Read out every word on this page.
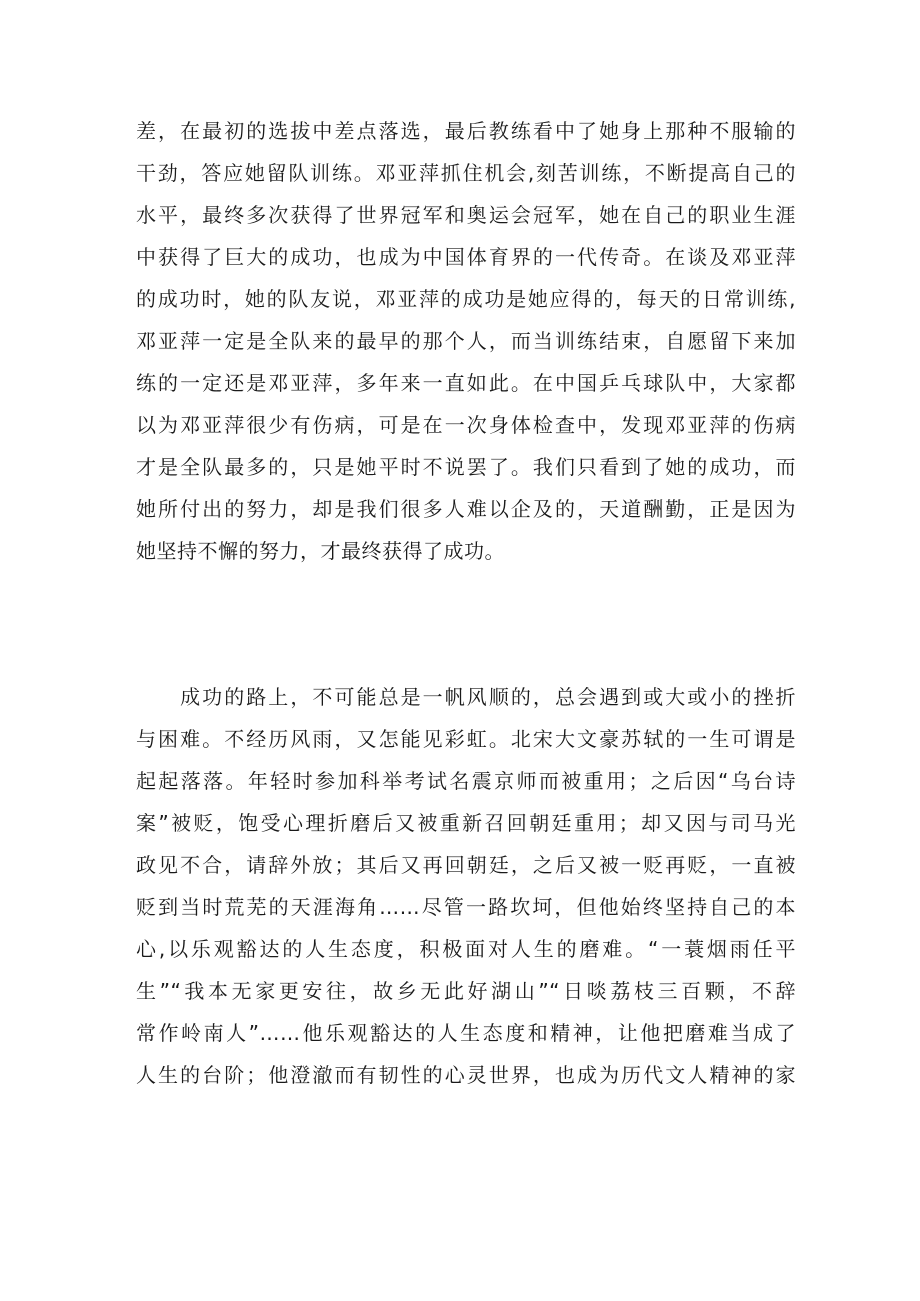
差，在最初的选拔中差点落选，最后教练看中了她身上那种不服输的
干劲，答应她留队训练。邓亚萍抓住机会,刻苦训练，不断提高自己的
水平，最终多次获得了世界冠军和奥运会冠军，她在自己的职业生涯
中获得了巨大的成功，也成为中国体育界的一代传奇。在谈及邓亚萍
的成功时，她的队友说，邓亚萍的成功是她应得的，每天的日常训练,
邓亚萍一定是全队来的最早的那个人，而当训练结束，自愿留下来加
练的一定还是邓亚萍，多年来一直如此。在中国乒乓球队中，大家都
以为邓亚萍很少有伤病，可是在一次身体检查中，发现邓亚萍的伤病
才是全队最多的，只是她平时不说罢了。我们只看到了她的成功，而
她所付出的努力，却是我们很多人难以企及的，天道酬勤，正是因为
她坚持不懈的努力，才最终获得了成功。
　　成功的路上，不可能总是一帆风顺的，总会遇到或大或小的挫折
与困难。不经历风雨，又怎能见彩虹。北宋大文豪苏轼的一生可谓是
起起落落。年轻时参加科举考试名震京师而被重用；之后因“乌台诗
案”被贬，饱受心理折磨后又被重新召回朝廷重用；却又因与司马光
政见不合，请辞外放；其后又再回朝廷，之后又被一贬再贬，一直被
贬到当时荒芜的天涯海角……尽管一路坎坷，但他始终坚持自己的本
心,以乐观豁达的人生态度，积极面对人生的磨难。“一蓑烟雨任平
生”“我本无家更安往，故乡无此好湖山”“日啖荔枝三百颗，不辞
常作岭南人”……他乐观豁达的人生态度和精神，让他把磨难当成了
人生的台阶；他澄澈而有韧性的心灵世界，也成为历代文人精神的家
